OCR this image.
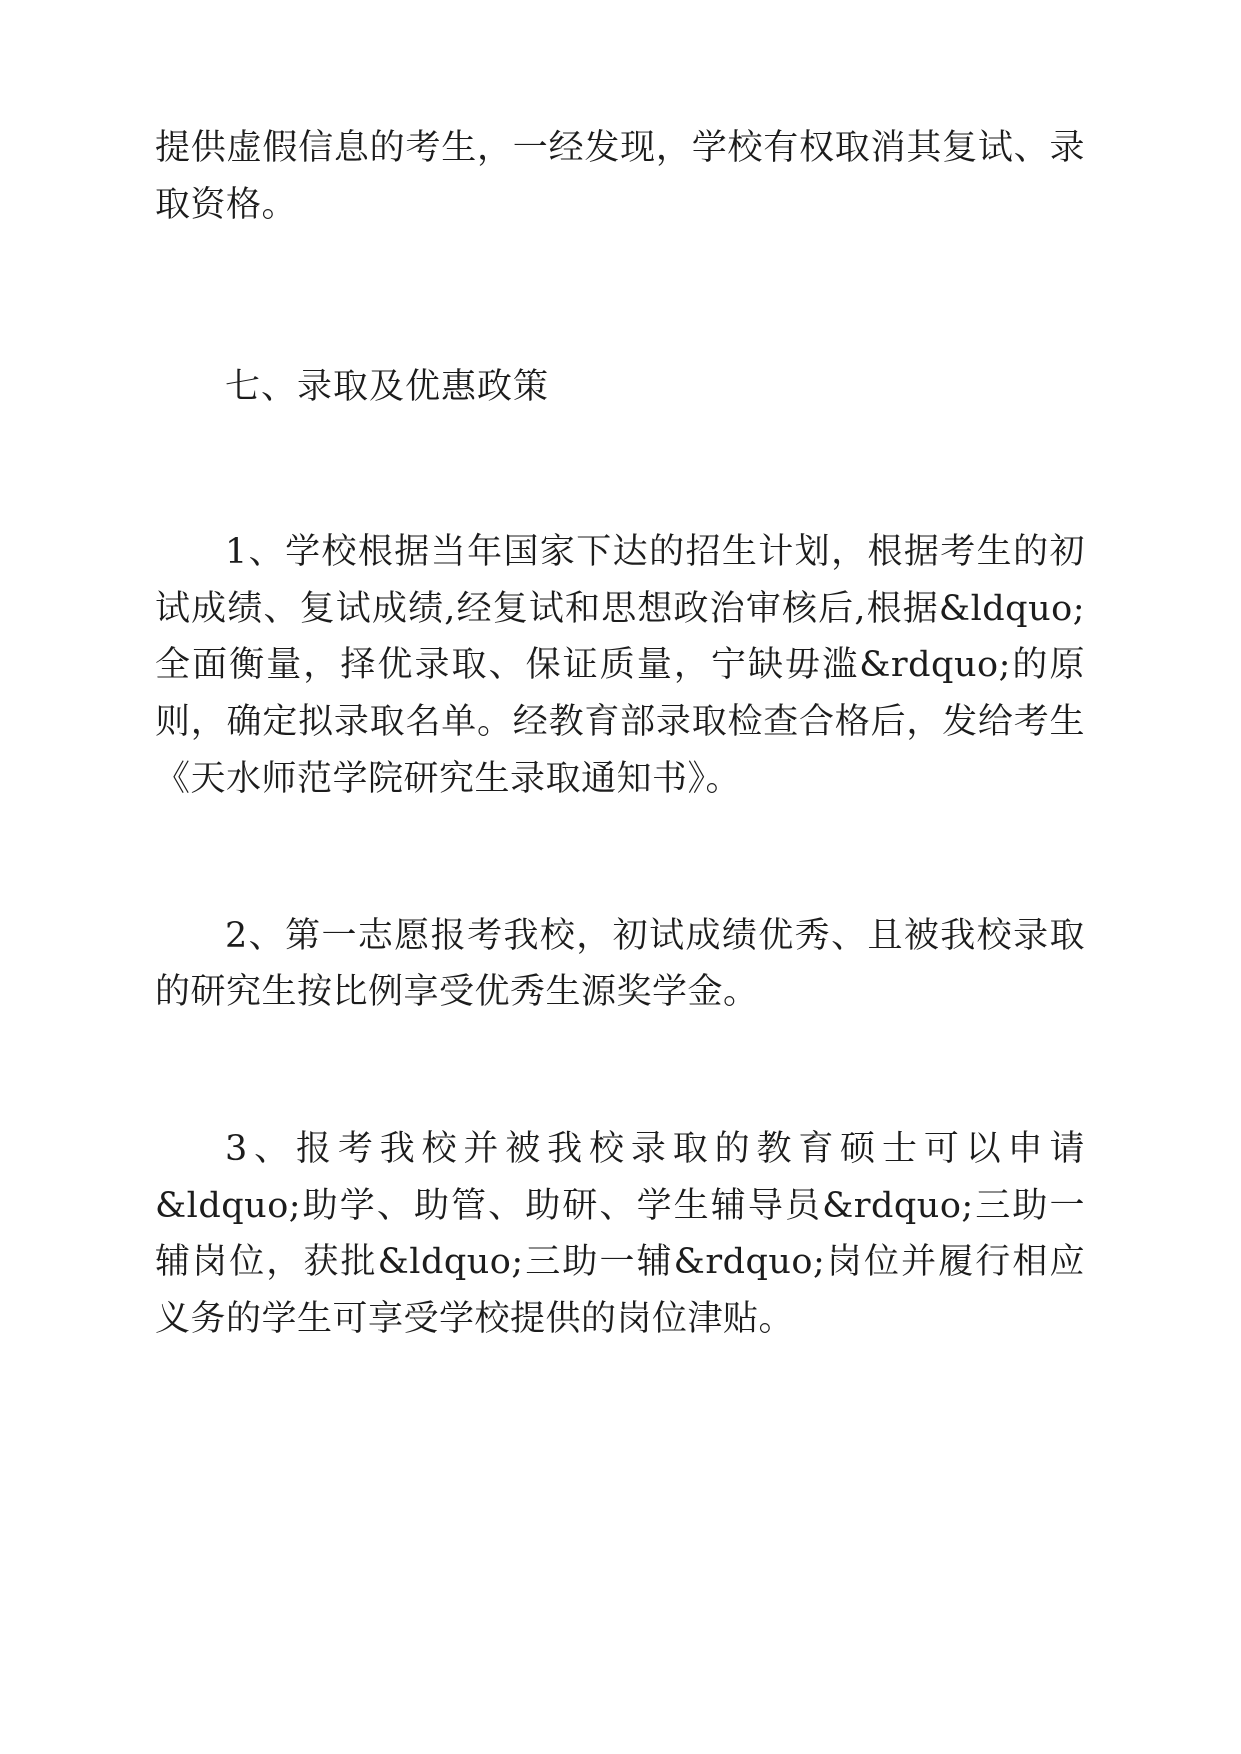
提供虚假信息的考生，一经发现，学校有权取消其复试、录取资格。

七、录取及优惠政策

1、学校根据当年国家下达的招生计划，根据考生的初试成绩、复试成绩,经复试和思想政治审核后,根据&ldquo;全面衡量，择优录取、保证质量，宁缺毋滥&rdquo;的原则，确定拟录取名单。经教育部录取检查合格后，发给考生《天水师范学院研究生录取通知书》。

2、第一志愿报考我校，初试成绩优秀、且被我校录取的研究生按比例享受优秀生源奖学金。

3、报考我校并被我校录取的教育硕士可以申请&ldquo;助学、助管、助研、学生辅导员&rdquo;三助一辅岗位，获批&ldquo;三助一辅&rdquo;岗位并履行相应义务的学生可享受学校提供的岗位津贴。
